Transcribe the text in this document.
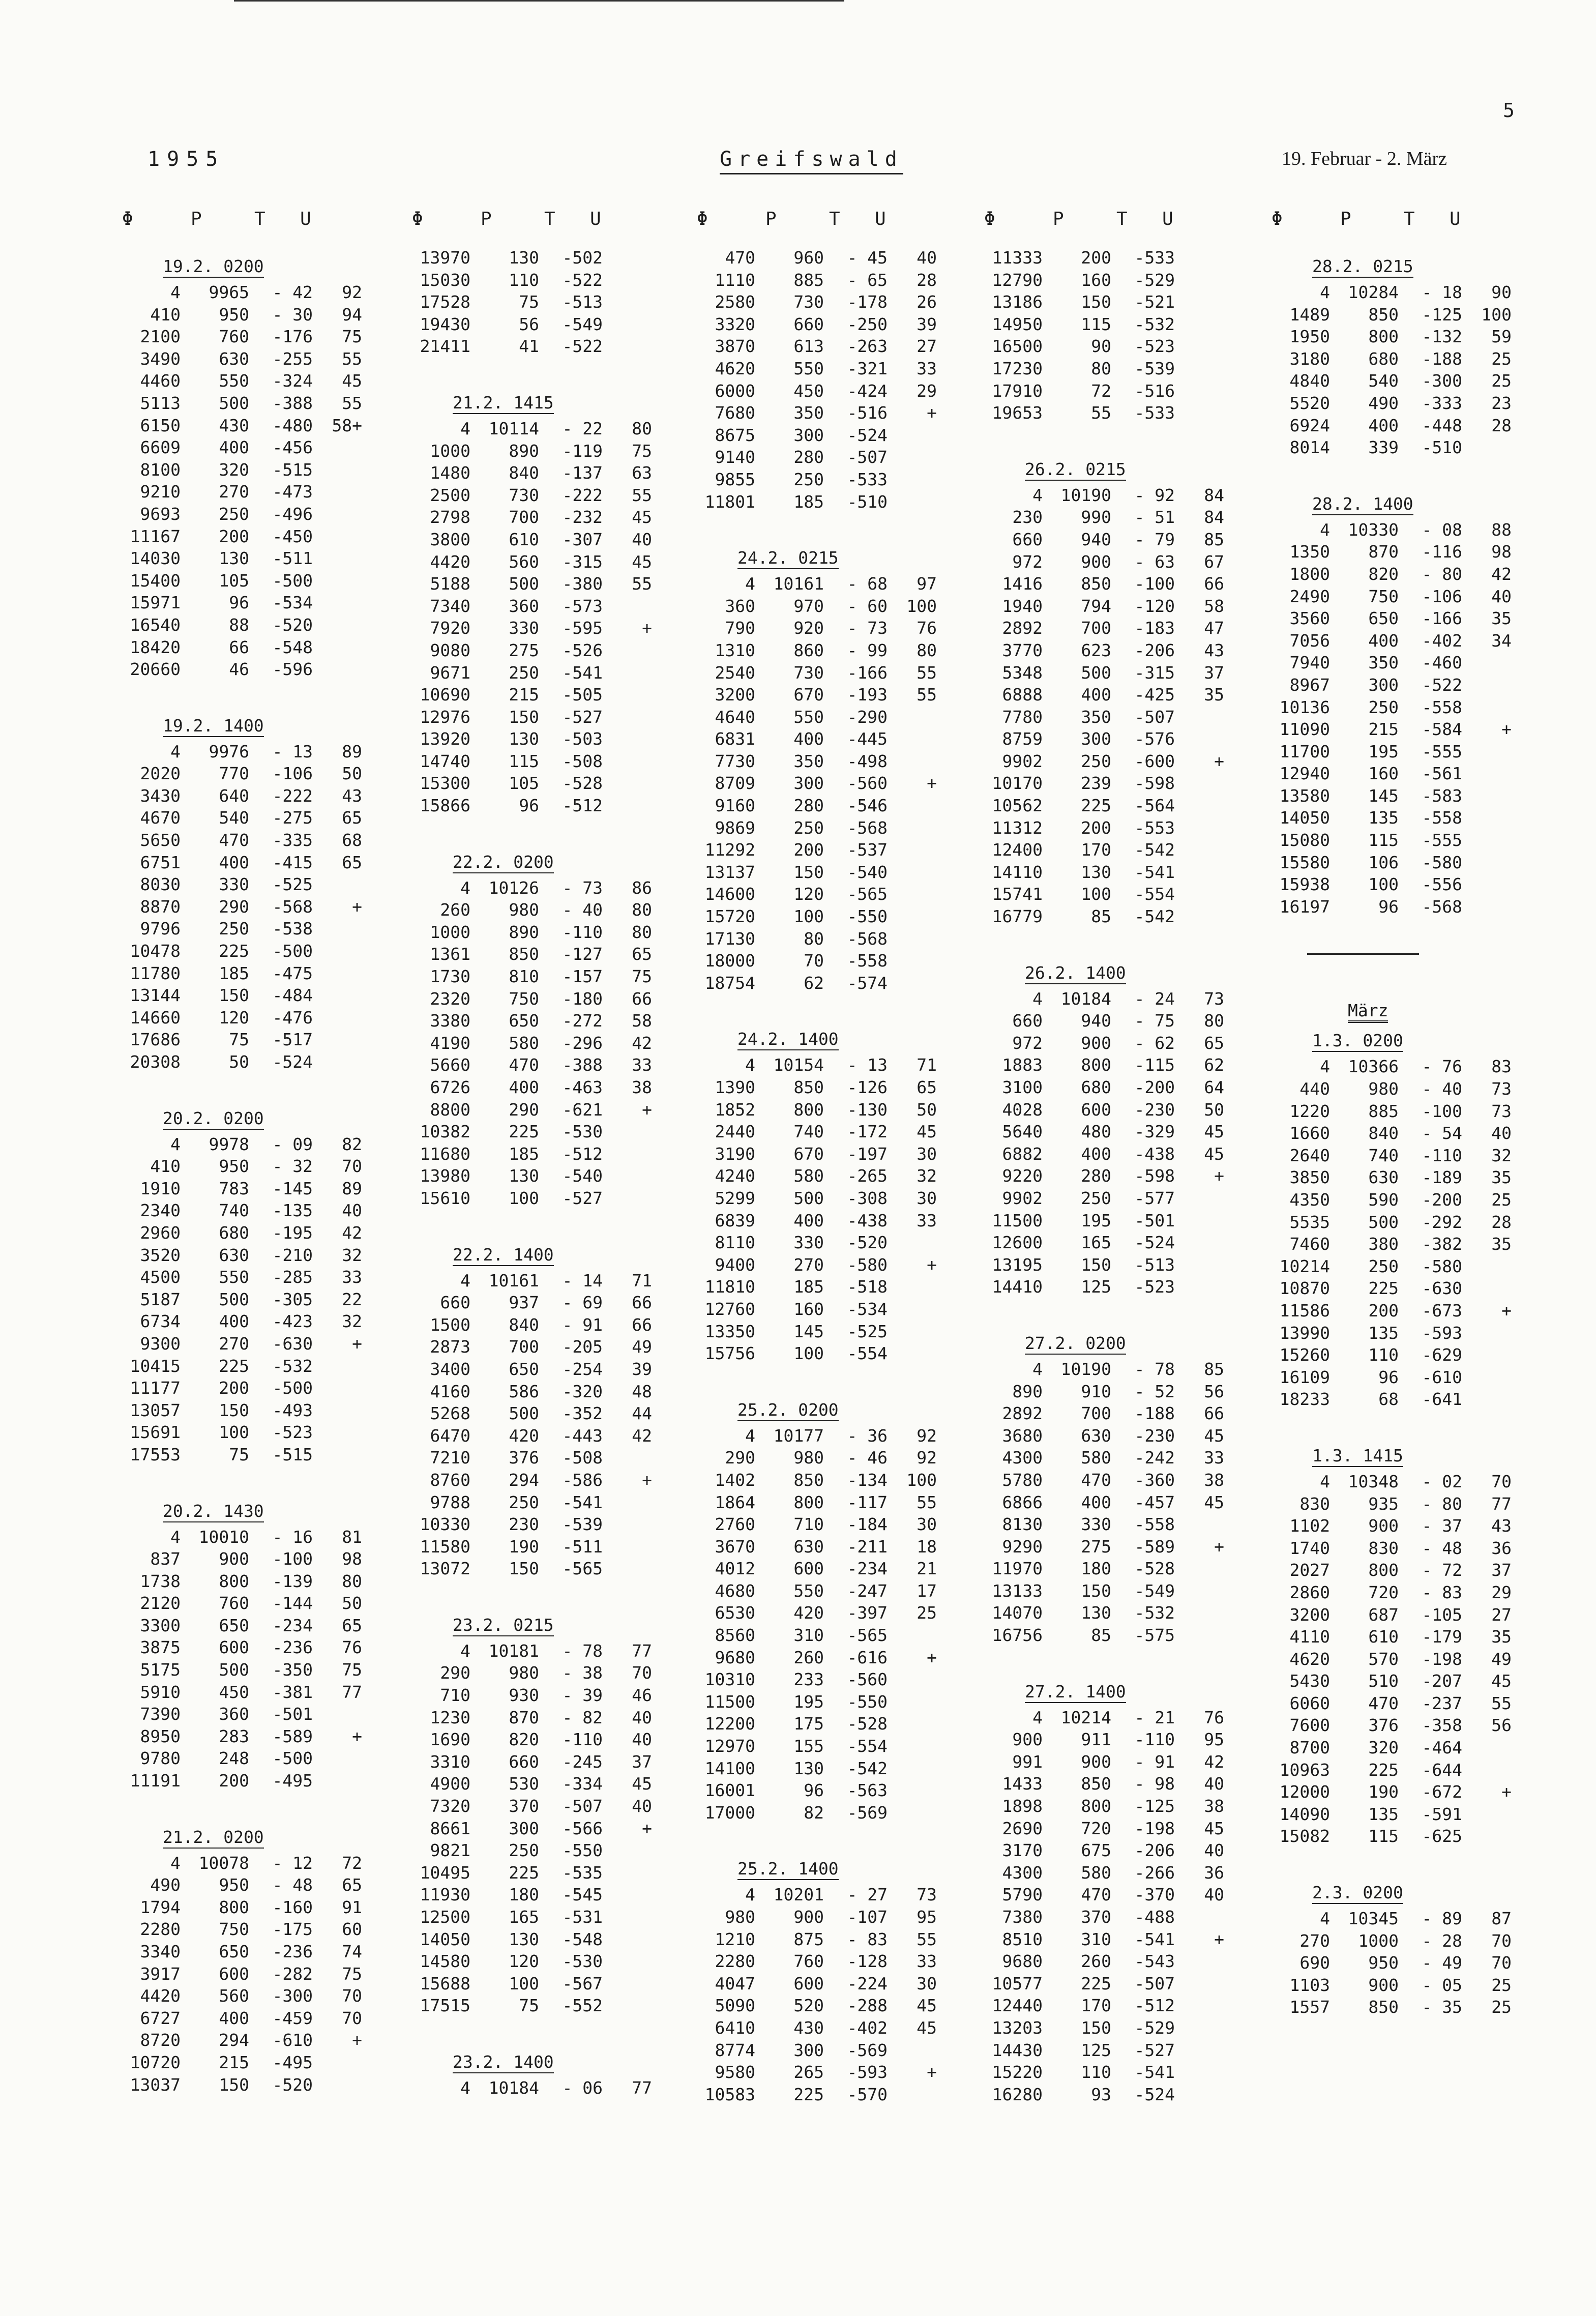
5
1955	Greifswald	19. Februar - 2. März
Φ	P	T U
19.2. 0200
4 9965 - 42 92
410 950 - 30 94
2100 760 -176 75
3490 630 -255 55
4460 550 -324 45
5113 500 -388 55
6150 430 -480 58+
6609 400 -456
8100 320 -515
9210 270 -473
9693 250 -496
11167 200 -450
14030 130 -511
15400 105 -500
15971	96 -534
16540	88 -520
18420	66 -548
20660	46 -596
19.2. 1400
4 9976 - 13 89
2020 770 -106 50
3430 640 -222 43
4670 540 -275 65
5650 470 -335 68
6751 400 -415 65
8030 330 -525
8870 290 -568 +
9796 250 -538
10478 225 -500
11780 185 -475
13144 150 -484
14660 120 -476
17686	75 -517
20308	50 -524
20.2. 0200
4 9978 - 09 82
410 950 - 32 70
1910 783 -145 89
2340 740 -135 40
2960 680 -195 42
3520 630 -210 32
4500 550 -285 33
5187 500 -305 22
6734 400 -423 32
9300 270 -630 +
10415 225 -532
11177 200 -500
13057 150 -493
15691 100 -523
17553	75 -515
20.2. 1430
4 10010 - 16 81
837 900 -100 98
1738 800 -139 80
2120 760 -144 50
3300 650 -234 65
3875 600 -236 76
5175 500 -350 75
5910 450 -381 77
7390 360 -501
8950 283 -589 +
9780 248 -500
11191 200 -495
21.2. 0200
4 10078 - 12 72
490 950 - 48 65
1794 800 -160 91
2280 750 -175 60
3340 650 -236 74
3917 600 -282 75
4420 560 -300 70
6727 400 -459 70
8720 294 -610 +
10720 215 -495
13037 150 -520
Φ	P	T U
13970 130 -502
15030 110 -522
17528	75 -513
19430	56 -549
21411	41 -522
21.2. 1415
4 10114 - 22 80
1000 890 -119 75
1480 840 -137 63
2500 730 -222 55
2798 700 -232 45
3800 610 -307 40
4420 560 -315 45
5188 500 -380 55
7340 360 -573
7920 330 -595 +
9080 275 -526
9671 250 -541
10690 215 -505
12976 150 -527
13920 130 -503
14740 115 -508
15300 105 -528
15866	96 -512
22.2. 0200
4 10126 - 73 86
260 980 - 40 80
1000 890 -110 80
1361 850 -127 65
1730 810 -157 75
2320 750 -180 66
3380 650 -272 58
4190 580 -296 42
5660 470 -388 33
6726 400 -463 38
8800 290 -621 +
10382 225 -530
11680 185 -512
13980 130 -540
15610 100 -527
22.2. 1400
4 10161 - 14 71
660 937 - 69 66
1500 840 - 91 66
2873 700 -205 49
3400 650 -254 39
4160 586 -320 48
5268 500 -352 44
6470 420 -443 42
7210 376 -508
8760 294 -586 +
9788 250 -541
10330 230 -539
11580 190 -511
13072 150 -565
23.2. 0215
4 10181 - 78 77
290 980 - 38 70
710 930 - 39 46
1230 870 - 82 40
1690 820 -110 40
3310 660 -245 37
4900 530 -334 45
7320 370 -507 40
8661 300 -566 +
9821 250 -550
10495 225 -535
11930 180 -545
12500 165 -531
14050 130 -548
14580 120 -530
15688 100 -567
17515	75 -552
23.2. 1400
4 10184 - 06 77
Φ	P	T U
470 960 - 45 40
1110 885 - 65 28
2580 730 -178 26
3320 660 -250 39
3870 613 -263 27
4620 550 -321 33
6000 450 -424 29
7680 350 -516 +
8675 300 -524
9140 280 -507
9855 250 -533
11801 185 -510
24.2. 0215
4 10161 - 68 97
360 970 - 60 100
790 920 - 73 76
1310 860 - 99 80
2540 730 -166 55
3200 670 -193 55
4640 550 -290
6831 400 -445
7730 350 -498
8709 300 -560 +
9160 280 -546
9869 250 -568
11292 200 -537
13137 150 -540
14600 120 -565
15720 100 -550
17130	80 -568
18000	70 -558
18754	62 -574
24.2. 1400
4 10154 - 13 71
1390 850 -126 65
1852 800 -130 50
2440 740 -172 45
3190 670 -197 30
4240 580 -265 32
5299 500 -308 30
6839 400 -438 33
8110 330 -520
9400 270 -580 +
11810 185 -518
12760 160 -534
13350 145 -525
15756 100 -554
25.2. 0200
4 10177 - 36 92
290 980 - 46 92
1402 850 -134 100
1864 800 -117 55
2760 710 -184 30
3670 630 -211 18
4012 600 -234 21
4680 550 -247 17
6530 420 -397 25
8560 310 -565
9680 260 -616 +
10310 233 -560
11500 195 -550
12200 175 -528
12970 155 -554
14100 130 -542
16001	96 -563
17000	82 -569
25.2. 1400
4 10201 - 27 73
980 900 -107 95
1210 875 - 83 55
2280 760 -128 33
4047 600 -224 30
5090 520 -288 45
6410 430 -402 45
8774 300 -569
9580 265 -593 +
10583 225 -570
Φ	P	T U
11333 200 -533
12790 160 -529
13186 150 -521
14950 115 -532
16500	90 -523
17230	80 -539
17910	72 -516
19653	55 -533
26.2. 0215
4 10190 - 92 84
230 990 - 51 84
660 940 - 79 85
972 900 - 63 67
1416 850 -100 66
1940 794 -120 58
2892 700 -183 47
3770 623 -206 43
5348 500 -315 37
6888 400 -425 35
7780 350 -507
8759 300 -576
9902 250 -600 +
10170 239 -598
10562 225 -564
11312 200 -553
12400 170 -542
14110 130 -541
15741 100 -554
16779	85 -542
26.2. 1400
4 10184 - 24 73
660 940 - 75 80
972 900 - 62 65
1883 800 -115 62
3100 680 -200 64
4028 600 -230 50
5640 480 -329 45
6882 400 -438 45
9220 280 -598 +
9902 250 -577
11500 195 -501
12600 165 -524
13195 150 -513
14410 125 -523
27.2. 0200
4 10190 - 78 85
890 910 - 52 56
2892 700 -188 66
3680 630 -230 45
4300 580 -242 33
5780 470 -360 38
6866 400 -457 45
8130 330 -558
9290 275 -589 +
11970 180 -528
13133 150 -549
14070 130 -532
16756	85 -575
27.2. 1400
4 10214 - 21 76
900 911 -110 95
991 900 - 91 42
1433 850 - 98 40
1898 800 -125 38
2690 720 -198 45
3170 675 -206 40
4300 580 -266 36
5790 470 -370 40
7380 370 -488
8510 310 -541 +
9680 260 -543
10577 225 -507
12440 170 -512
13203 150 -529
14430 125 -527
15220 110 -541
16280	93 -524
Φ	P	T U
28.2. 0215
4 10284 - 18 90
1489 850 -125 100
1950 800 -132 59
3180 680 -188 25
4840 540 -300 25
5520 490 -333 23
6924 400 -448 28
8014 339 -510
28.2. 1400
4 10330 - 08 88
1350 870 -116 98
1800 820 - 80 42
2490 750 -106 40
3560 650 -166 35
7056 400 -402 34
7940 350 -460
8967 300 -522
10136 250 -558
11090 215 -584 +
11700 195 -555
12940 160 -561
13580 145 -583
14050 135 -558
15080 115 -555
15580 106 -580
15938 100 -556
16197	96 -568
März
1.3. 0200
4 10366 - 76 83
440 980 - 40 73
1220 885 -100 73
1660 840 - 54 40
2640 740 -110 32
3850 630 -189 35
4350 590 -200 25
5535 500 -292 28
7460 380 -382 35
10214 250 -580
10870 225 -630
11586 200 -673 +
13990 135 -593
15260 110 -629
16109	96 -610
18233	68 -641
1.3. 1415
4 10348 - 02 70
830 935 - 80 77
1102 900 - 37 43
1740 830 - 48 36
2027 800 - 72 37
2860 720 - 83 29
3200 687 -105 27
4110 610 -179 35
4620 570 -198 49
5430 510 -207 45
6060 470 -237 55
7600 376 -358 56
8700 320 -464
10963 225 -644
12000 190 -672 +
14090 135 -591
15082 115 -625
2.3. 0200
4 10345 - 89 87
270 1000 - 28 70
690 950 - 49 70
1103 900 - 05 25
1557 850 - 35 25
